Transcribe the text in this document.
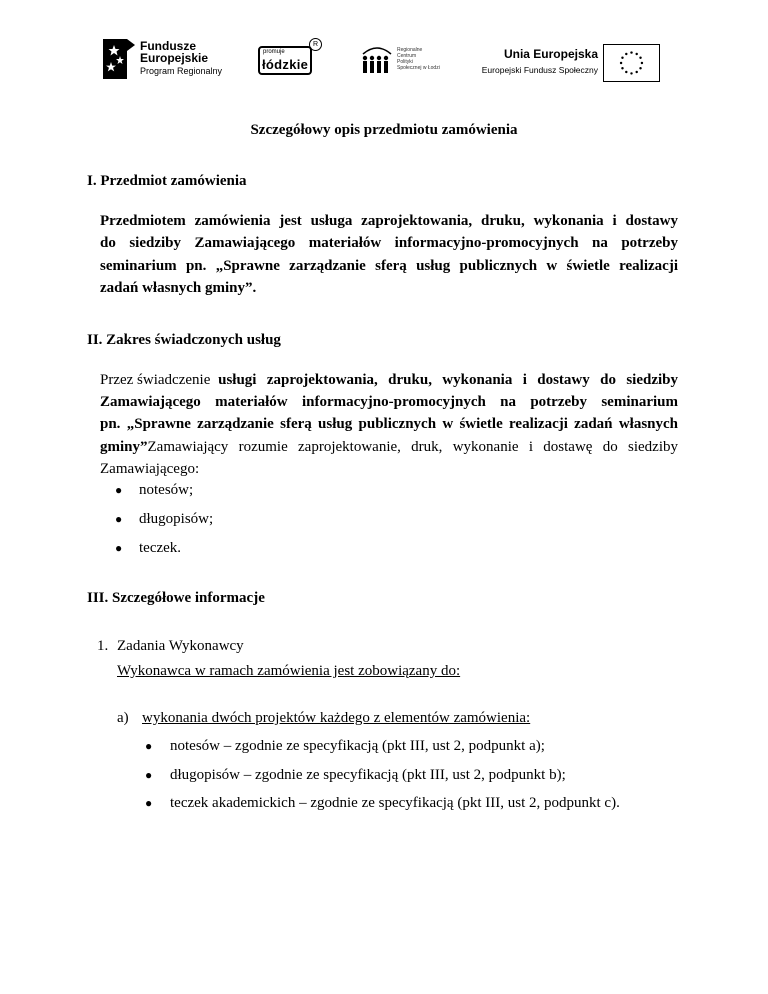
Fundusze
Europejskie
Program Regionalny
promuje
łódzkie
R
Regionalne
Centrum
Polityki
Społecznej w Łodzi
Unia Europejska
Europejski Fundusz Społeczny
Szczegółowy opis przedmiotu zamówienia
I. Przedmiot zamówienia
Przedmiotem zamówienia jest usługa zaprojektowania, druku, wykonania i dostawy
do siedziby Zamawiającego materiałów informacyjno-promocyjnych na potrzeby
seminarium pn. „Sprawne zarządzanie sferą usług publicznych w świetle realizacji
zadań własnych gminy”.
II. Zakres świadczonych usług
Przez świadczenie usługi zaprojektowania, druku, wykonania i dostawy do siedziby
Zamawiającego materiałów informacyjno-promocyjnych na potrzeby seminarium
pn. „Sprawne zarządzanie sferą usług publicznych w świetle realizacji zadań własnych
gminy” Zamawiający rozumie zaprojektowanie, druk, wykonanie i dostawę do siedziby
Zamawiającego:
● notesów;
● długopisów;
● teczek.
III. Szczegółowe informacje
1. Zadania Wykonawcy
Wykonawca w ramach zamówienia jest zobowiązany do:
a) wykonania dwóch projektów każdego z elementów zamówienia:
● notesów – zgodnie ze specyfikacją (pkt III, ust 2, podpunkt a);
● długopisów – zgodnie ze specyfikacją (pkt III, ust 2, podpunkt b);
● teczek akademickich – zgodnie ze specyfikacją (pkt III, ust 2, podpunkt c).
